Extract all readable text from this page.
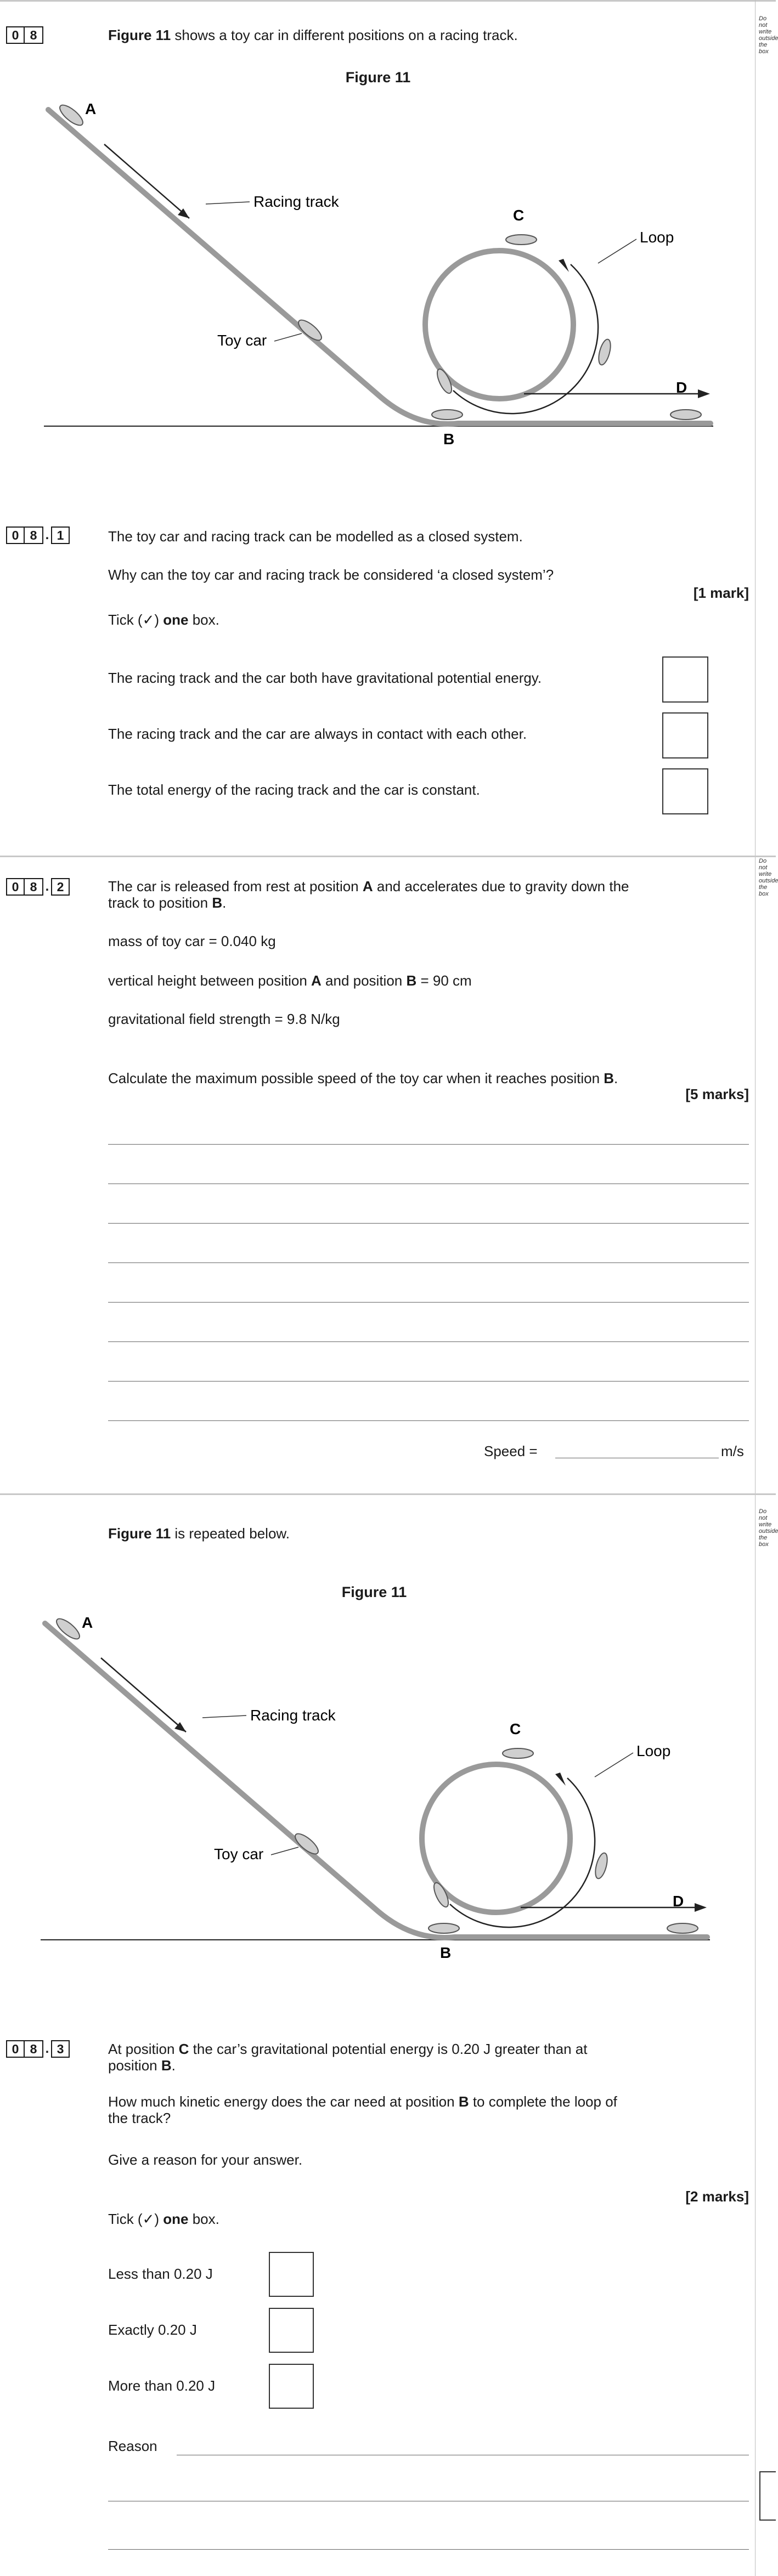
Do not write outside the box
0 8	Figure 11 shows a toy car in different positions on a racing track.
Figure 11
A
B
C
D
Racing track
Loop
Toy car
0 8 . 1	The toy car and racing track can be modelled as a closed system.
Why can the toy car and racing track be considered ‘a closed system’?
[1 mark]
Tick (✓) one box.
The racing track and the car both have gravitational potential energy.
The racing track and the car are always in contact with each other.
The total energy of the racing track and the car is constant.
Do not write outside the box
0 8 . 2	The car is released from rest at position A and accelerates due to gravity down the
track to position B.
mass of toy car = 0.040 kg
vertical height between position A and position B = 90 cm
gravitational field strength = 9.8 N/kg
Calculate the maximum possible speed of the toy car when it reaches position B.
[5 marks]
Speed =	m/s
Do not write outside the box
Figure 11 is repeated below.
Figure 11
A
B
C
D
Racing track
Loop
Toy car
0 8 . 3	At position C the car’s gravitational potential energy is 0.20 J greater than at
position B.
How much kinetic energy does the car need at position B to complete the loop of
the track?
Give a reason for your answer.
[2 marks]
Tick (✓) one box.
Less than 0.20 J
Exactly 0.20 J
More than 0.20 J
Reason
